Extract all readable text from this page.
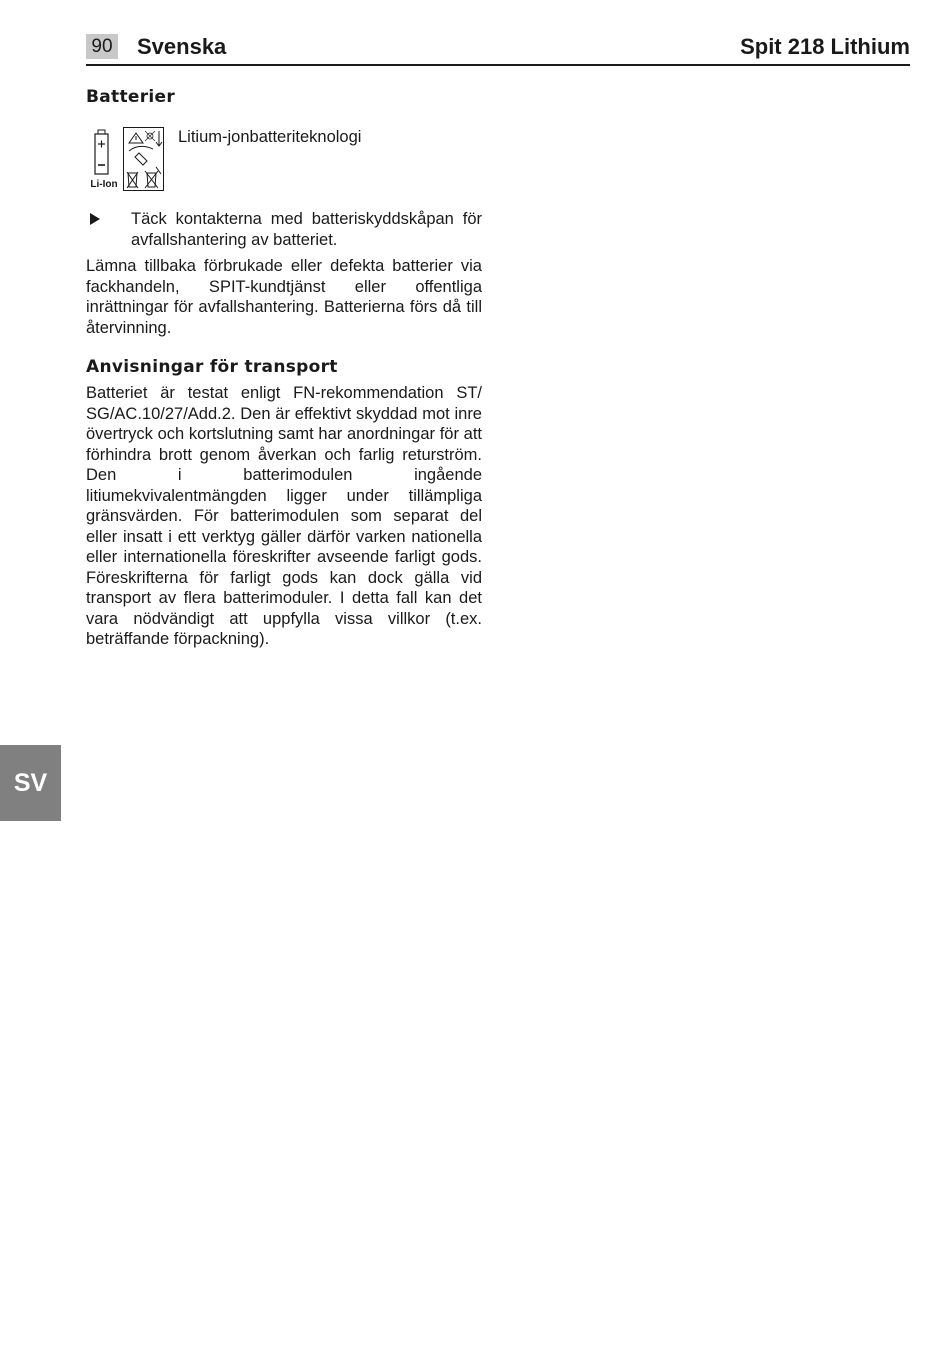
90 Svenska	Spit 218 Lithium
Batterier
Li-Ion
Litium-jonbatteriteknologi
Täck kontakterna med batteriskyddskåpan för avfallshantering av batteriet.

Lämna tillbaka förbrukade eller defekta batterier via fackhandeln, SPIT-kundtjänst eller offentliga inrättningar för avfallshantering. Batterierna förs då till återvinning.

Anvisningar för transport

Batteriet är testat enligt FN-rekommendation ST/ SG/AC.10/27/Add.2. Den är effektivt skyddad mot inre övertryck och kortslutning samt har anordningar för att förhindra brott genom åverkan och farlig returström. Den i batterimodulen ingående litiumekvivalentmängden ligger under tillämpliga gränsvärden. För batterimodulen som separat del eller insatt i ett verktyg gäller därför varken nationella eller internationella föreskrifter avseende farligt gods. Föreskrifterna för farligt gods kan dock gälla vid transport av flera batterimoduler. I detta fall kan det vara nödvändigt att uppfylla vissa villkor (t.ex. beträffande förpackning).

SV
